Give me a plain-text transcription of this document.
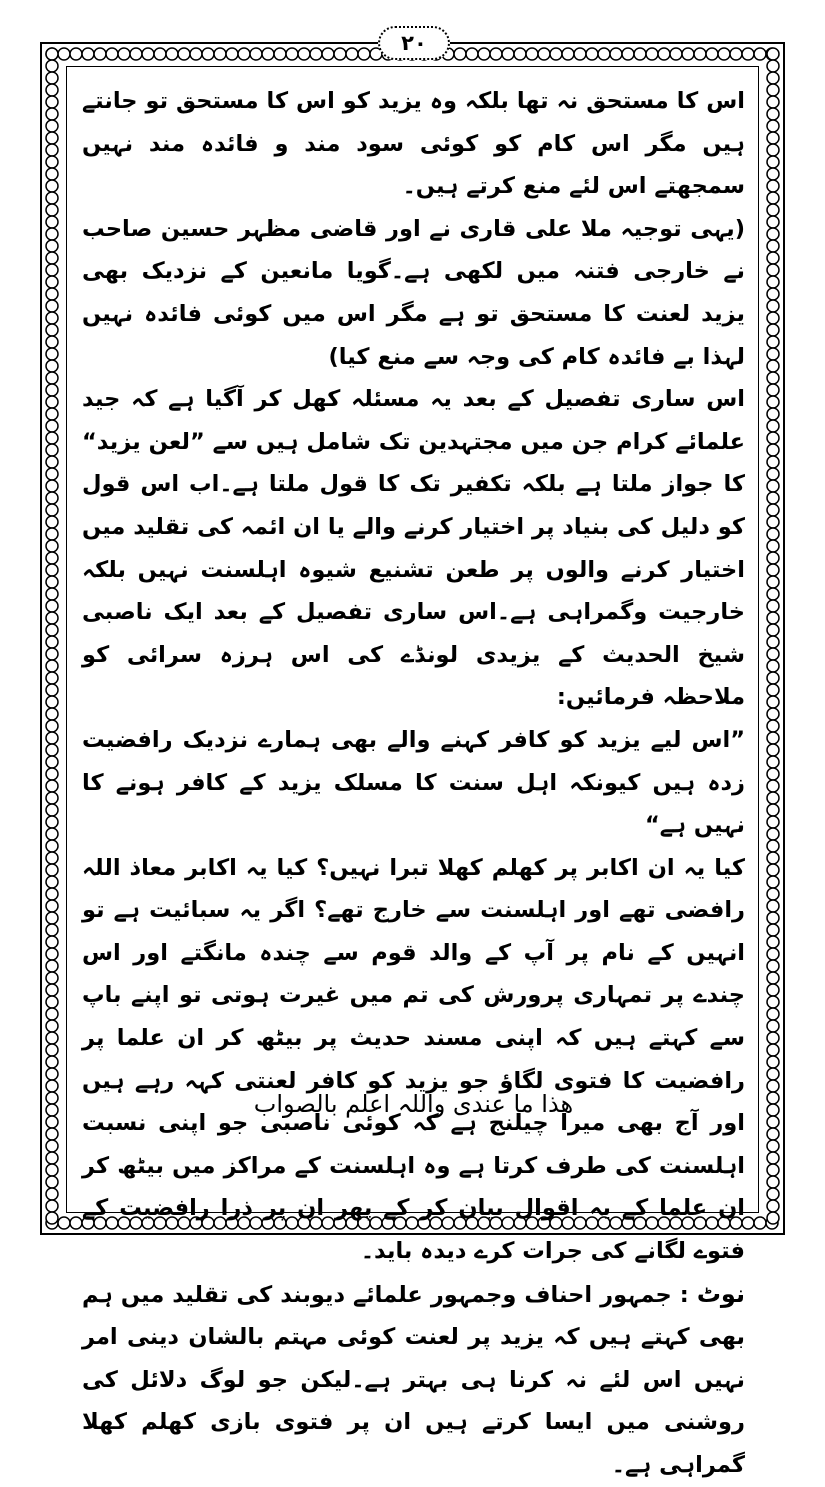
۲۰

اس کا مستحق نہ تھا بلکہ وہ یزید کو اس کا مستحق تو جانتے ہیں مگر اس کام کو کوئی سود مند و فائدہ مند نہیں سمجھتے اس لئے منع کرتے ہیں۔

(یہی توجیہ ملا علی قاری نے اور قاضی مظہر حسین صاحب نے خارجی فتنہ میں لکھی ہے۔گویا مانعین کے نزدیک بھی یزید لعنت کا مستحق تو ہے مگر اس میں کوئی فائدہ نہیں لہذا بے فائدہ کام کی وجہ سے منع کیا)

اس ساری تفصیل کے بعد یہ مسئلہ کھل کر آگیا ہے کہ جید علمائے کرام جن میں مجتہدین تک شامل ہیں سے ”لعن یزید“ کا جواز ملتا ہے بلکہ تکفیر تک کا قول ملتا ہے۔اب اس قول کو دلیل کی بنیاد پر اختیار کرنے والے یا ان ائمہ کی تقلید میں اختیار کرنے والوں پر طعن تشنیع شیوہ اہلسنت نہیں بلکہ خارجیت وگمراہی ہے۔اس ساری تفصیل کے بعد ایک ناصبی شیخ الحدیث کے یزیدی لونڈے کی اس ہرزہ سرائی کو ملاحظہ فرمائیں:

”اس لیے یزید کو کافر کہنے والے بھی ہمارے نزدیک رافضیت زدہ ہیں کیونکہ اہل سنت کا مسلک یزید کے کافر ہونے کا نہیں ہے“

کیا یہ ان اکابر پر کھلم کھلا تبرا نہیں؟ کیا یہ اکابر معاذ اللہ رافضی تھے اور اہلسنت سے خارج تھے؟ اگر یہ سبائیت ہے تو انہیں کے نام پر آپ کے والد قوم سے چندہ مانگتے اور اس چندے پر تمہاری پرورش کی تم میں غیرت ہوتی تو اپنے باپ سے کہتے ہیں کہ اپنی مسند حدیث پر بیٹھ کر ان علما پر رافضیت کا فتوی لگاؤ جو یزید کو کافر لعنتی کہہ رہے ہیں اور آج بھی میرا چیلنج ہے کہ کوئی ناصبی جو اپنی نسبت اہلسنت کی طرف کرتا ہے وہ اہلسنت کے مراکز میں بیٹھ کر ان علما کے یہ اقوال بیان کر کے پھر ان پر ذرا رافضیت کے فتوے لگانے کی جرات کرے دیدہ باید۔

نوٹ : جمہور احناف وجمہور علمائے دیوبند کی تقلید میں ہم بھی کہتے ہیں کہ یزید پر لعنت کوئی مہتم بالشان دینی امر نہیں اس لئے نہ کرنا ہی بہتر ہے۔لیکن جو لوگ دلائل کی روشنی میں ایسا کرتے ہیں ان پر فتوی بازی کھلم کھلا گمراہی ہے۔

ھذا ما عندی واللہ اعلم بالصواب
